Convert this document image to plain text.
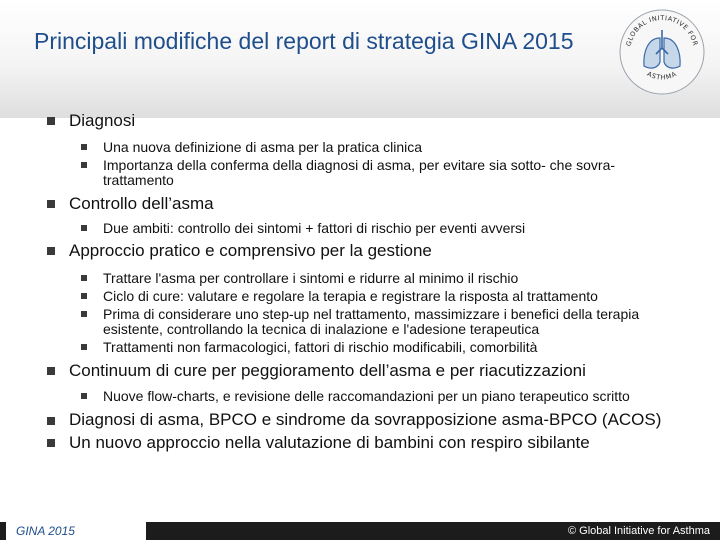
Principali modifiche del report di strategia GINA 2015	GLOBAL INITIATIVE FOR
ASTHMA
Diagnosi
Una nuova definizione di asma per la pratica clinica
Importanza della conferma della diagnosi di asma, per evitare sia sotto- che sovra-trattamento
Controllo dell’asma
Due ambiti: controllo dei sintomi + fattori di rischio per eventi avversi
Approccio pratico e comprensivo per la gestione
Trattare l'asma per controllare i sintomi e ridurre al minimo il rischio
Ciclo di cure: valutare e regolare la terapia e registrare la risposta al trattamento
Prima di considerare uno step-up nel trattamento, massimizzare i benefici della terapia esistente, controllando la tecnica di inalazione e l'adesione terapeutica
Trattamenti non farmacologici, fattori di rischio modificabili, comorbilità
Continuum di cure per peggioramento dell’asma e per riacutizzazioni
Nuove flow-charts, e revisione delle raccomandazioni per un piano terapeutico scritto
Diagnosi di asma, BPCO e sindrome da sovrapposizione asma-BPCO (ACOS)
Un nuovo approccio nella valutazione di bambini con respiro sibilante
GINA 2015	© Global Initiative for Asthma
